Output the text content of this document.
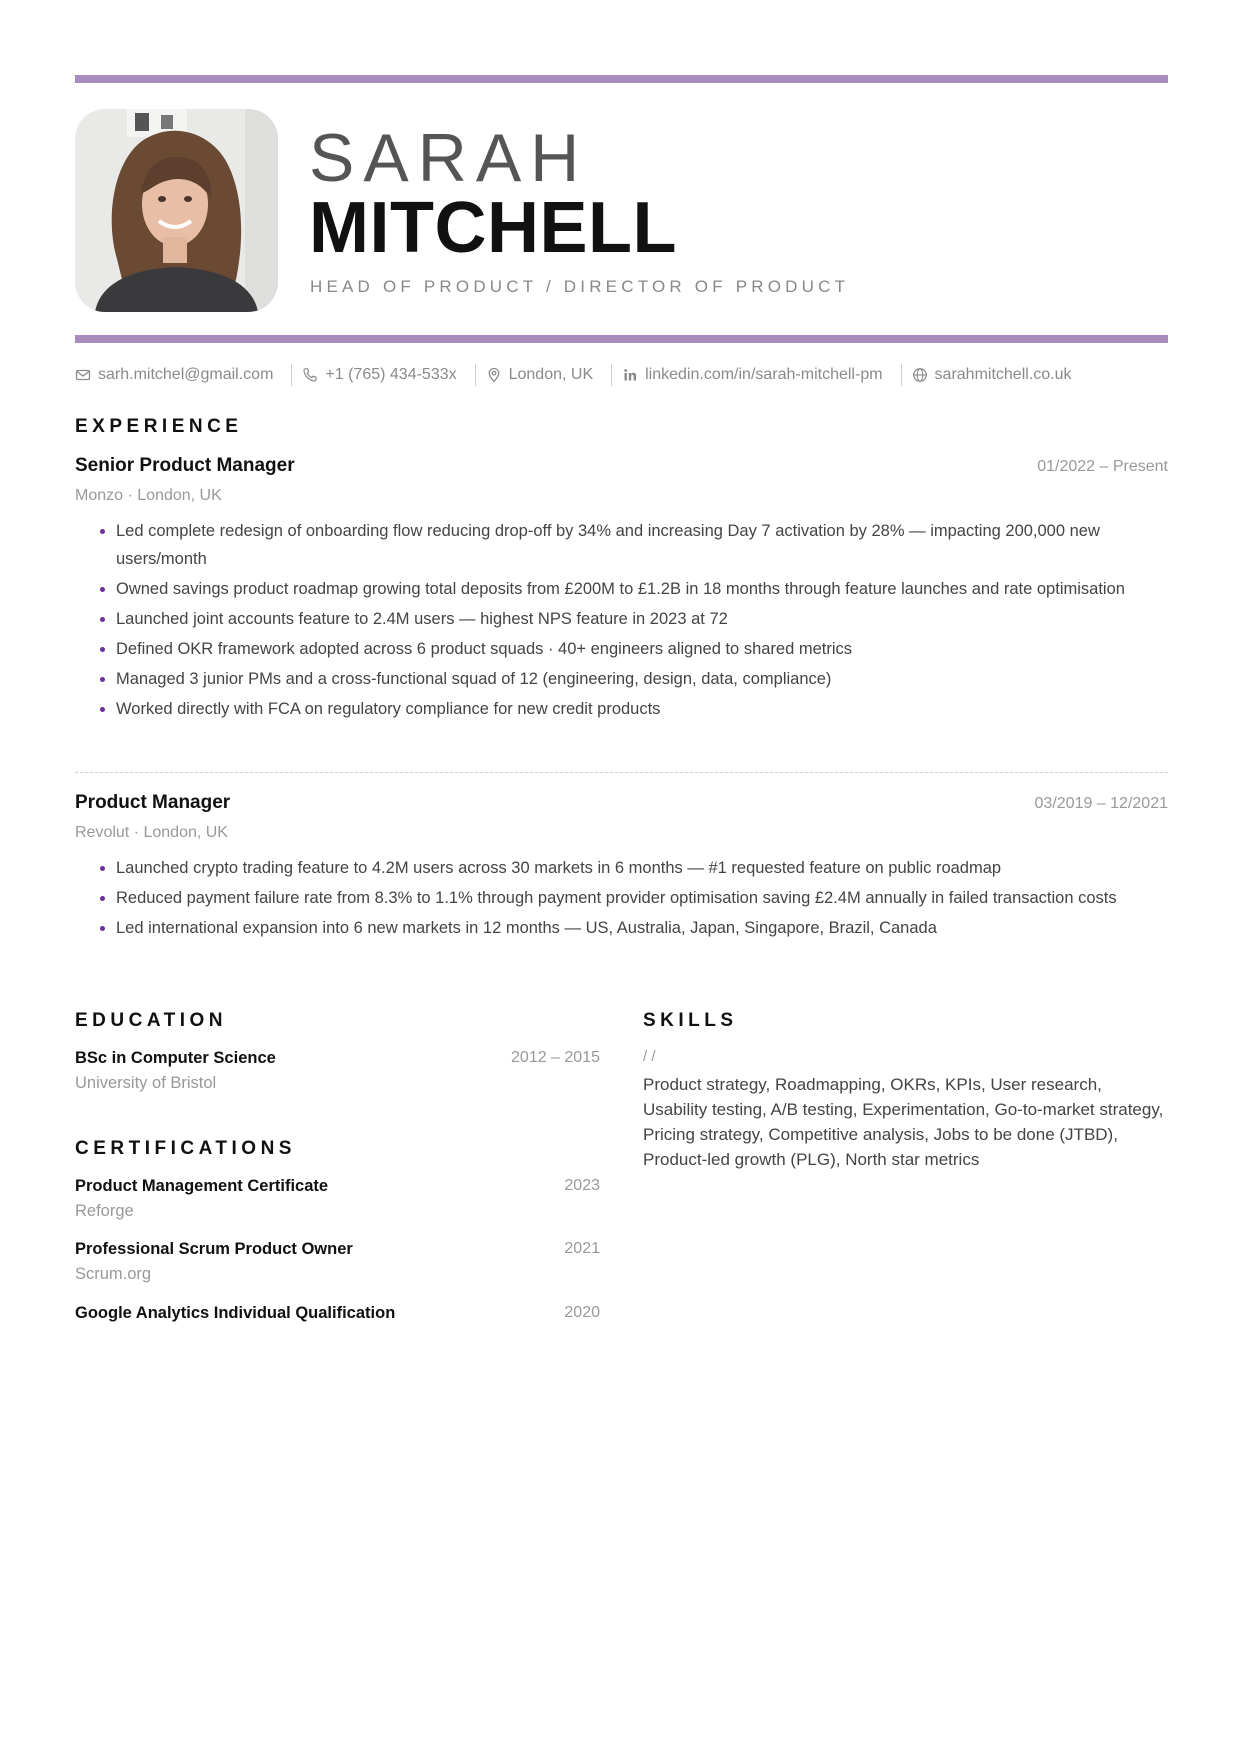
SARAH
MITCHELL
HEAD OF PRODUCT / DIRECTOR OF PRODUCT
sarh.mitchel@gmail.com	+1 (765) 434-533x	London, UK	linkedin.com/in/sarah-mitchell-pm	sarahmitchell.co.uk
EXPERIENCE
Senior Product Manager	01/2022 – Present
Monzo · London, UK
Led complete redesign of onboarding flow reducing drop-off by 34% and increasing Day 7 activation by 28% — impacting 200,000 new users/month
Owned savings product roadmap growing total deposits from £200M to £1.2B in 18 months through feature launches and rate optimisation
Launched joint accounts feature to 2.4M users — highest NPS feature in 2023 at 72
Defined OKR framework adopted across 6 product squads · 40+ engineers aligned to shared metrics
Managed 3 junior PMs and a cross-functional squad of 12 (engineering, design, data, compliance)
Worked directly with FCA on regulatory compliance for new credit products
Product Manager	03/2019 – 12/2021
Revolut · London, UK
Launched crypto trading feature to 4.2M users across 30 markets in 6 months — #1 requested feature on public roadmap
Reduced payment failure rate from 8.3% to 1.1% through payment provider optimisation saving £2.4M annually in failed transaction costs
Led international expansion into 6 new markets in 12 months — US, Australia, Japan, Singapore, Brazil, Canada
EDUCATION
BSc in Computer Science	2012 – 2015
University of Bristol
SKILLS
/ /
Product strategy, Roadmapping, OKRs, KPIs, User research, Usability testing, A/B testing, Experimentation, Go-to-market strategy, Pricing strategy, Competitive analysis, Jobs to be done (JTBD), Product-led growth (PLG), North star metrics
CERTIFICATIONS
Product Management Certificate	2023
Reforge
Professional Scrum Product Owner	2021
Scrum.org
Google Analytics Individual Qualification	2020
